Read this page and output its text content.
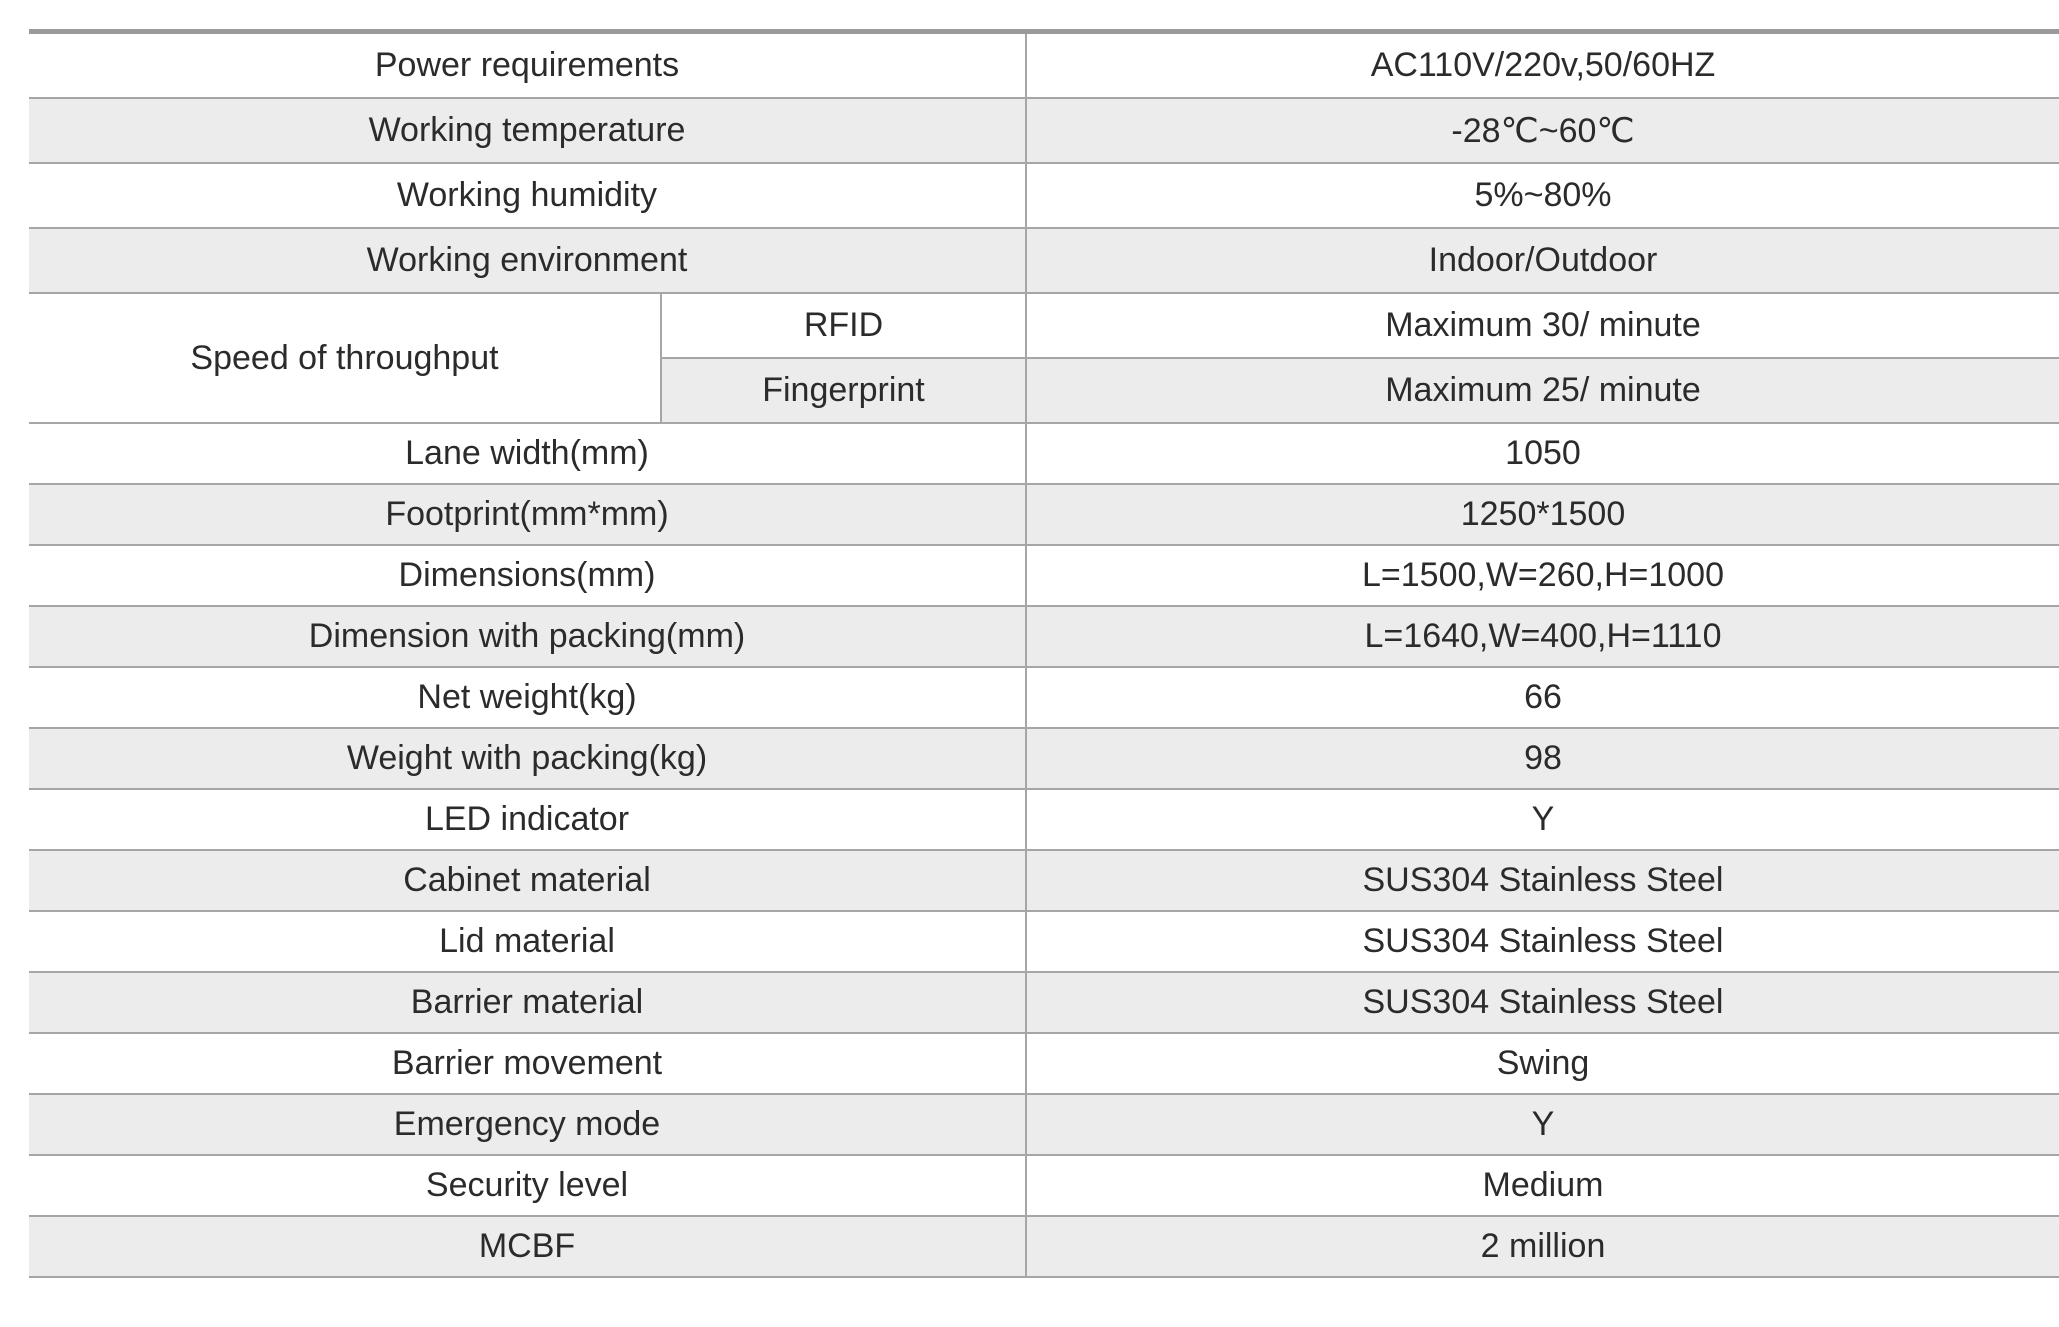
Power requirements		AC110V/220v,50/60HZ
Working temperature		-28℃~60℃
Working humidity		5%~80%
Working environment		Indoor/Outdoor
Speed of throughput	RFID	Maximum 30/ minute
	Fingerprint	Maximum 25/ minute
Lane width(mm)		1050
Footprint(mm*mm)		1250*1500
Dimensions(mm)		L=1500,W=260,H=1000
Dimension with packing(mm)		L=1640,W=400,H=1110
Net weight(kg)		66
Weight with packing(kg)		98
LED indicator		Y
Cabinet material		SUS304 Stainless Steel
Lid material		SUS304 Stainless Steel
Barrier material		SUS304 Stainless Steel
Barrier movement		Swing
Emergency mode		Y
Security level		Medium
MCBF		2 million
